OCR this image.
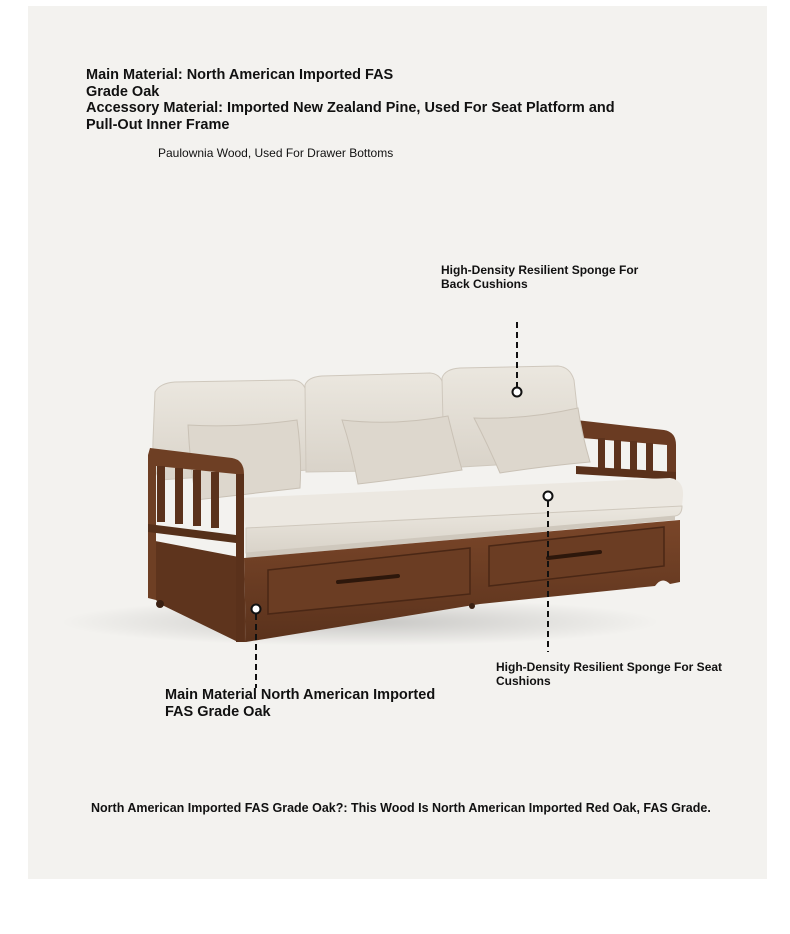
Main Material: North American Imported FAS
Grade Oak
Accessory Material: Imported New Zealand Pine, Used For Seat Platform and
Pull-Out Inner Frame

Paulownia Wood, Used For Drawer Bottoms

High-Density Resilient Sponge For
Back Cushions
High-Density Resilient Sponge For Seat
Cushions
Main Material North American Imported
FAS Grade Oak

North American Imported FAS Grade Oak?: This Wood Is North American Imported Red Oak, FAS Grade.
